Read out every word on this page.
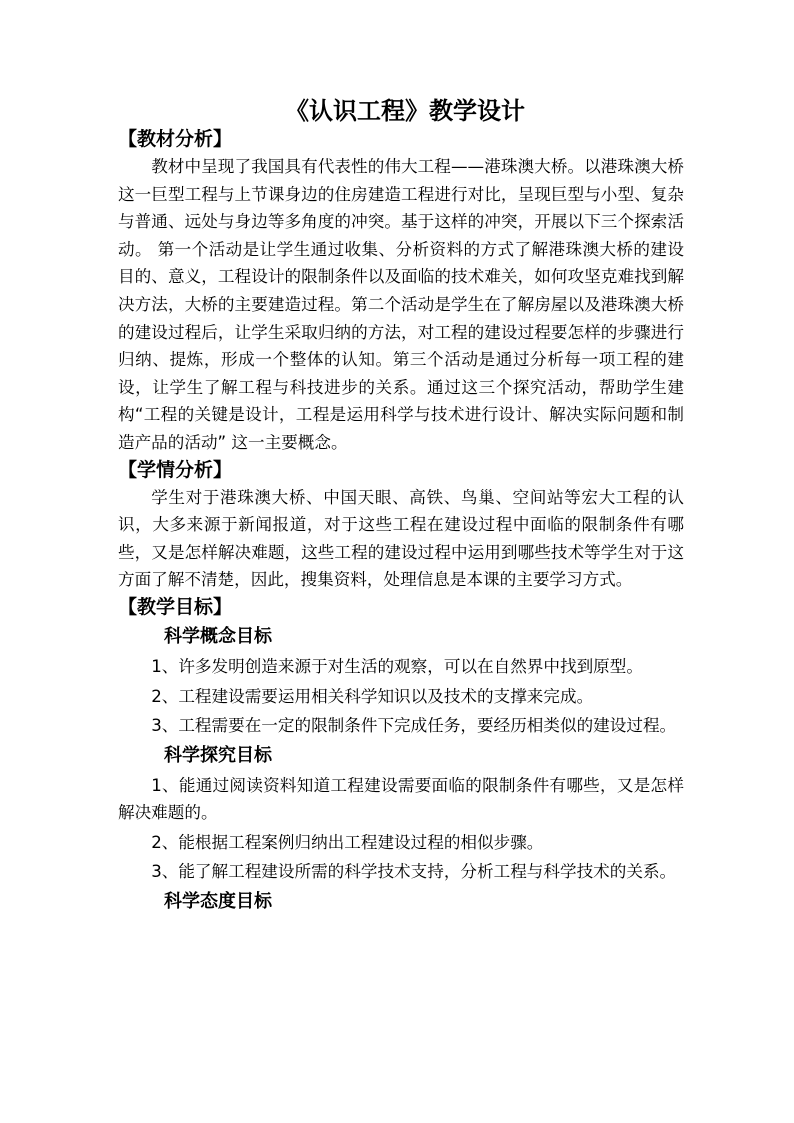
《认识工程》教学设计
【教材分析】

教材中呈现了我国具有代表性的伟大工程——港珠澳大桥。以港珠澳大桥这一巨型工程与上节课身边的住房建造工程进行对比，呈现巨型与小型、复杂与普通、远处与身边等多角度的冲突。基于这样的冲突，开展以下三个探索活动。 第一个活动是让学生通过收集、分析资料的方式了解港珠澳大桥的建设目的、意义，工程设计的限制条件以及面临的技术难关，如何攻坚克难找到解决方法，大桥的主要建造过程。第二个活动是学生在了解房屋以及港珠澳大桥的建设过程后，让学生采取归纳的方法，对工程的建设过程要怎样的步骤进行归纳、提炼，形成一个整体的认知。第三个活动是通过分析每一项工程的建设，让学生了解工程与科技进步的关系。通过这三个探究活动，帮助学生建构“工程的关键是设计，工程是运用科学与技术进行设计、解决实际问题和制造产品的活动” 这一主要概念。

【学情分析】

学生对于港珠澳大桥、中国天眼、高铁、鸟巢、空间站等宏大工程的认识，大多来源于新闻报道，对于这些工程在建设过程中面临的限制条件有哪些，又是怎样解决难题，这些工程的建设过程中运用到哪些技术等学生对于这方面了解不清楚，因此，搜集资料，处理信息是本课的主要学习方式。

【教学目标】
科学概念目标

1、许多发明创造来源于对生活的观察，可以在自然界中找到原型。

2、工程建设需要运用相关科学知识以及技术的支撑来完成。

3、工程需要在一定的限制条件下完成任务，要经历相类似的建设过程。

科学探究目标

1、能通过阅读资料知道工程建设需要面临的限制条件有哪些，又是怎样解决难题的。

2、能根据工程案例归纳出工程建设过程的相似步骤。

3、能了解工程建设所需的科学技术支持，分析工程与科学技术的关系。

科学态度目标
